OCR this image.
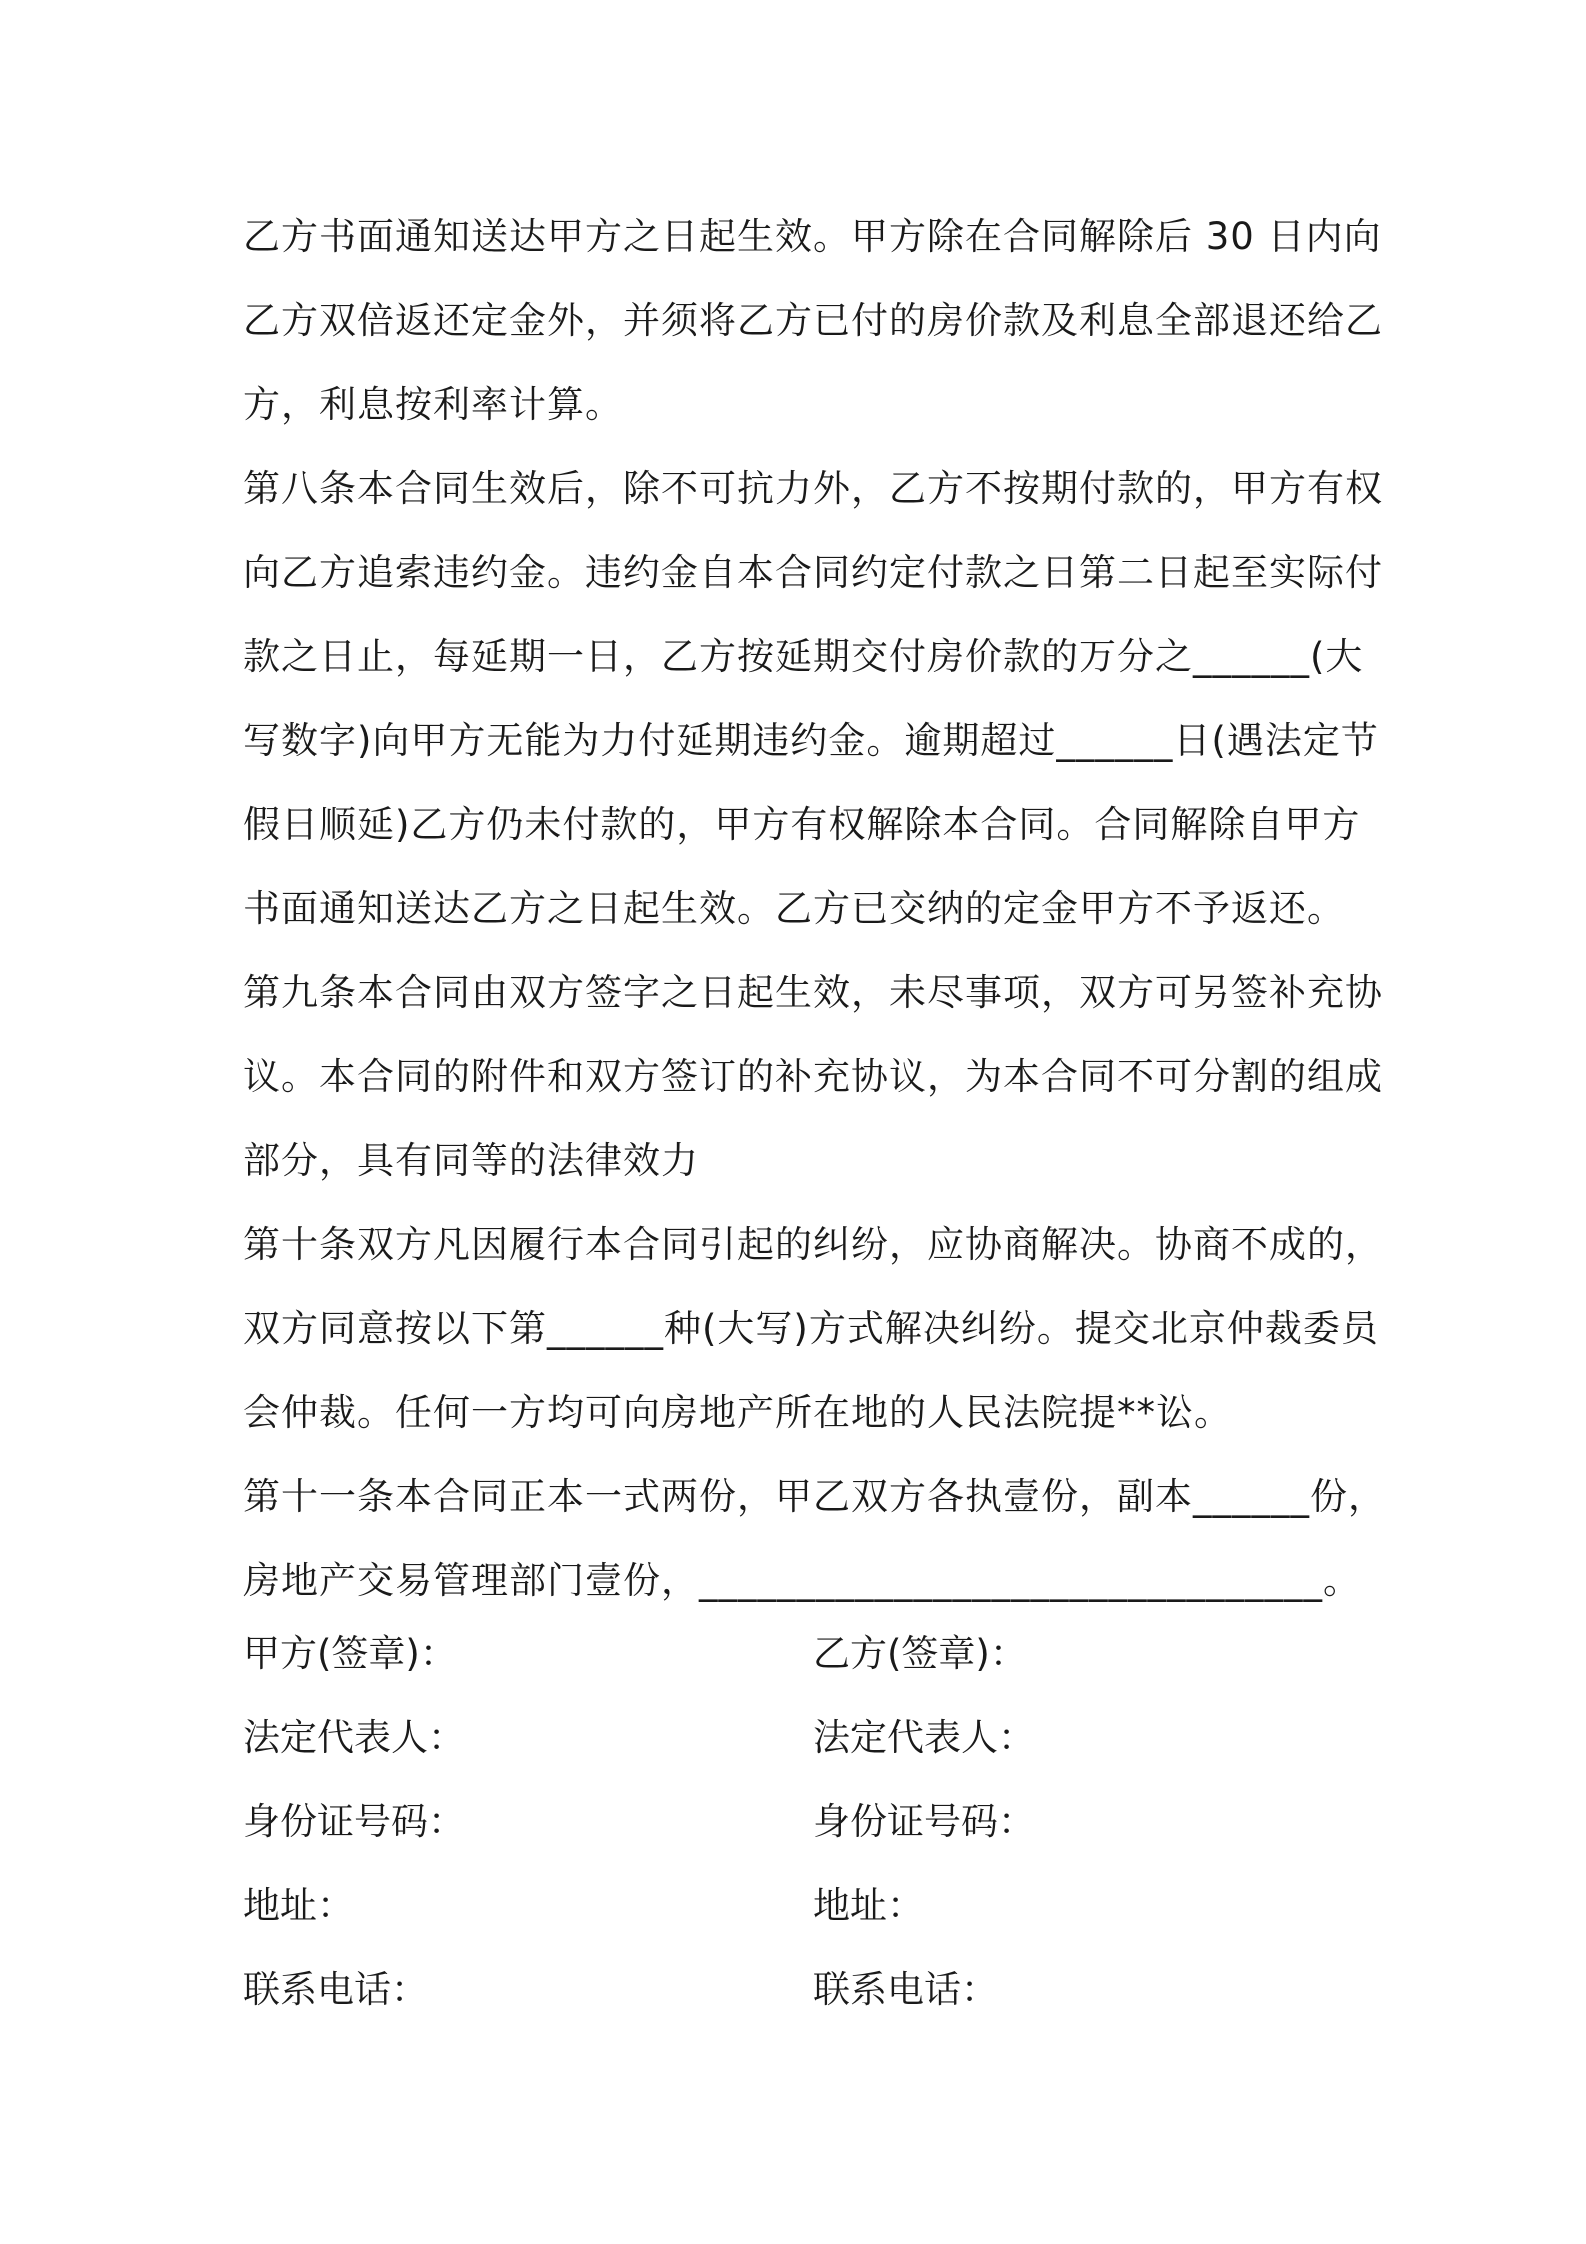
乙方书面通知送达甲方之日起生效。甲方除在合同解除后 30 日内向
乙方双倍返还定金外，并须将乙方已付的房价款及利息全部退还给乙
方，利息按利率计算。
第八条本合同生效后，除不可抗力外，乙方不按期付款的，甲方有权
向乙方追索违约金。违约金自本合同约定付款之日第二日起至实际付
款之日止，每延期一日，乙方按延期交付房价款的万分之______(大
写数字)向甲方无能为力付延期违约金。逾期超过______日(遇法定节
假日顺延)乙方仍未付款的，甲方有权解除本合同。合同解除自甲方
书面通知送达乙方之日起生效。乙方已交纳的定金甲方不予返还。
第九条本合同由双方签字之日起生效，未尽事项，双方可另签补充协
议。本合同的附件和双方签订的补充协议，为本合同不可分割的组成
部分，具有同等的法律效力
第十条双方凡因履行本合同引起的纠纷，应协商解决。协商不成的，
双方同意按以下第______种(大写)方式解决纠纷。提交北京仲裁委员
会仲裁。任何一方均可向房地产所在地的人民法院提**讼。
第十一条本合同正本一式两份，甲乙双方各执壹份，副本______份，
房地产交易管理部门壹份，________________________________。
甲方(签章)：	乙方(签章)：
法定代表人：	法定代表人：
身份证号码：	身份证号码：
地址：	地址：
联系电话：	联系电话：
